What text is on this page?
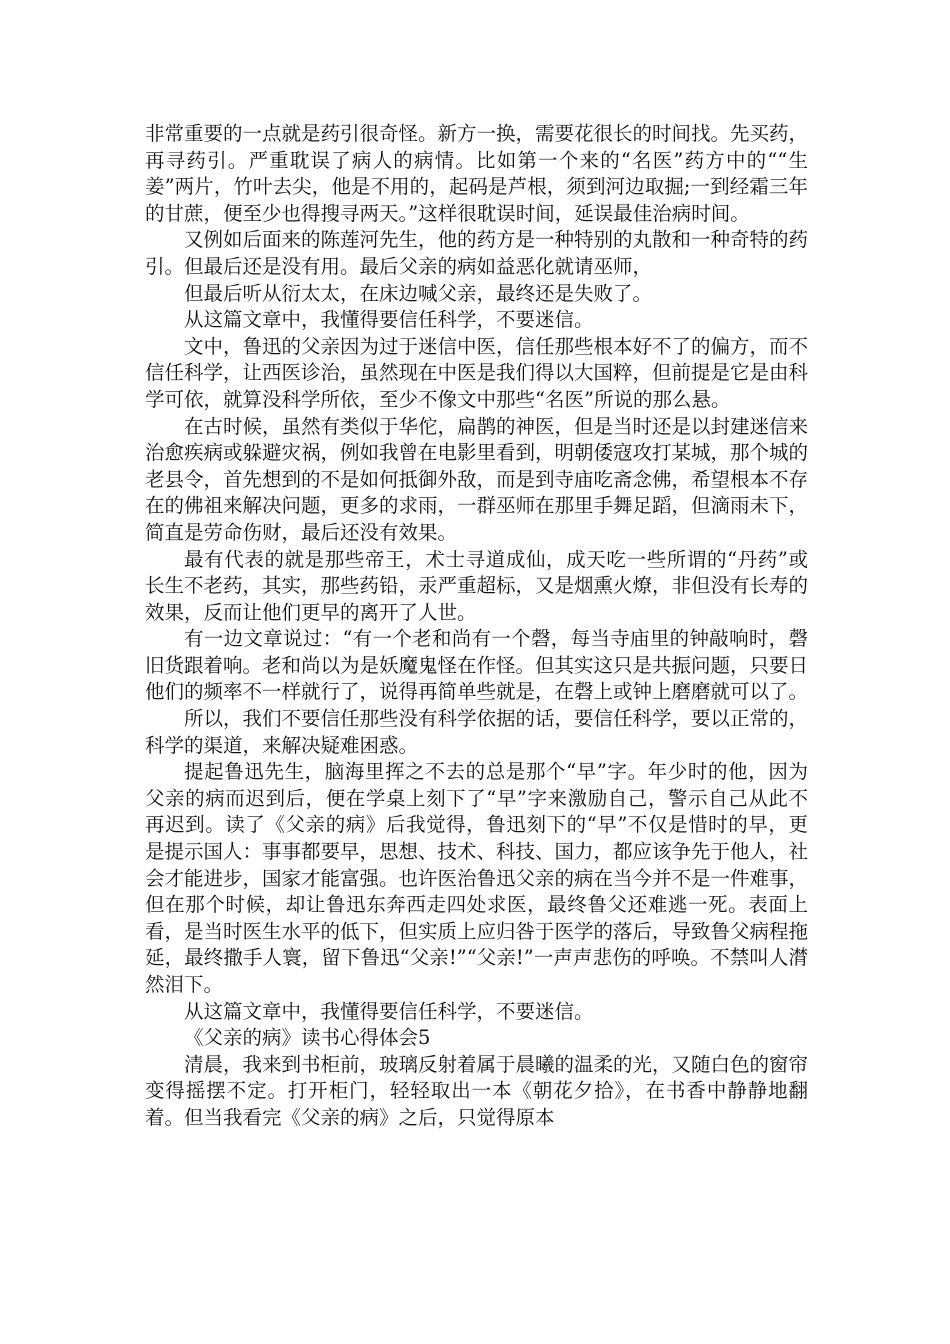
非常重要的一点就是药引很奇怪。新方一换，需要花很长的时间找。先买药，再寻药引。严重耽误了病人的病情。比如第一个来的“名医”药方中的““生姜”两片，竹叶去尖，他是不用的，起码是芦根，须到河边取掘;一到经霜三年的甘蔗，便至少也得搜寻两天。”这样很耽误时间，延误最佳治病时间。

又例如后面来的陈莲河先生，他的药方是一种特别的丸散和一种奇特的药引。但最后还是没有用。最后父亲的病如益恶化就请巫师，

但最后听从衍太太，在床边喊父亲，最终还是失败了。

从这篇文章中，我懂得要信任科学，不要迷信。

文中，鲁迅的父亲因为过于迷信中医，信任那些根本好不了的偏方，而不信任科学，让西医诊治，虽然现在中医是我们得以大国粹，但前提是它是由科学可依，就算没科学所依，至少不像文中那些“名医”所说的那么悬。

在古时候，虽然有类似于华佗，扁鹊的神医，但是当时还是以封建迷信来治愈疾病或躲避灾祸，例如我曾在电影里看到，明朝倭寇攻打某城，那个城的老县令，首先想到的不是如何抵御外敌，而是到寺庙吃斋念佛，希望根本不存在的佛祖来解决问题，更多的求雨，一群巫师在那里手舞足蹈，但滴雨未下，简直是劳命伤财，最后还没有效果。

最有代表的就是那些帝王，术士寻道成仙，成天吃一些所谓的“丹药”或长生不老药，其实，那些药铅，汞严重超标，又是烟熏火燎，非但没有长寿的效果，反而让他们更早的离开了人世。

有一边文章说过：“有一个老和尚有一个磬，每当寺庙里的钟敲响时，磬旧货跟着响。老和尚以为是妖魔鬼怪在作怪。但其实这只是共振问题，只要日他们的频率不一样就行了，说得再简单些就是，在磬上或钟上磨磨就可以了。

所以，我们不要信任那些没有科学依据的话，要信任科学，要以正常的，科学的渠道，来解决疑难困惑。

提起鲁迅先生，脑海里挥之不去的总是那个“早”字。年少时的他，因为父亲的病而迟到后，便在学桌上刻下了“早”字来激励自己，警示自己从此不再迟到。读了《父亲的病》后我觉得，鲁迅刻下的“早”不仅是惜时的早，更是提示国人：事事都要早，思想、技术、科技、国力，都应该争先于他人，社会才能进步，国家才能富强。也许医治鲁迅父亲的病在当今并不是一件难事，但在那个时候，却让鲁迅东奔西走四处求医，最终鲁父还难逃一死。表面上看，是当时医生水平的低下，但实质上应归咎于医学的落后，导致鲁父病程拖延，最终撒手人寰，留下鲁迅“父亲!”“父亲!”一声声悲伤的呼唤。不禁叫人潸然泪下。

从这篇文章中，我懂得要信任科学，不要迷信。

《父亲的病》读书心得体会5

清晨，我来到书柜前，玻璃反射着属于晨曦的温柔的光，又随白色的窗帘变得摇摆不定。打开柜门，轻轻取出一本《朝花夕拾》，在书香中静静地翻着。但当我看完《父亲的病》之后，只觉得原本
